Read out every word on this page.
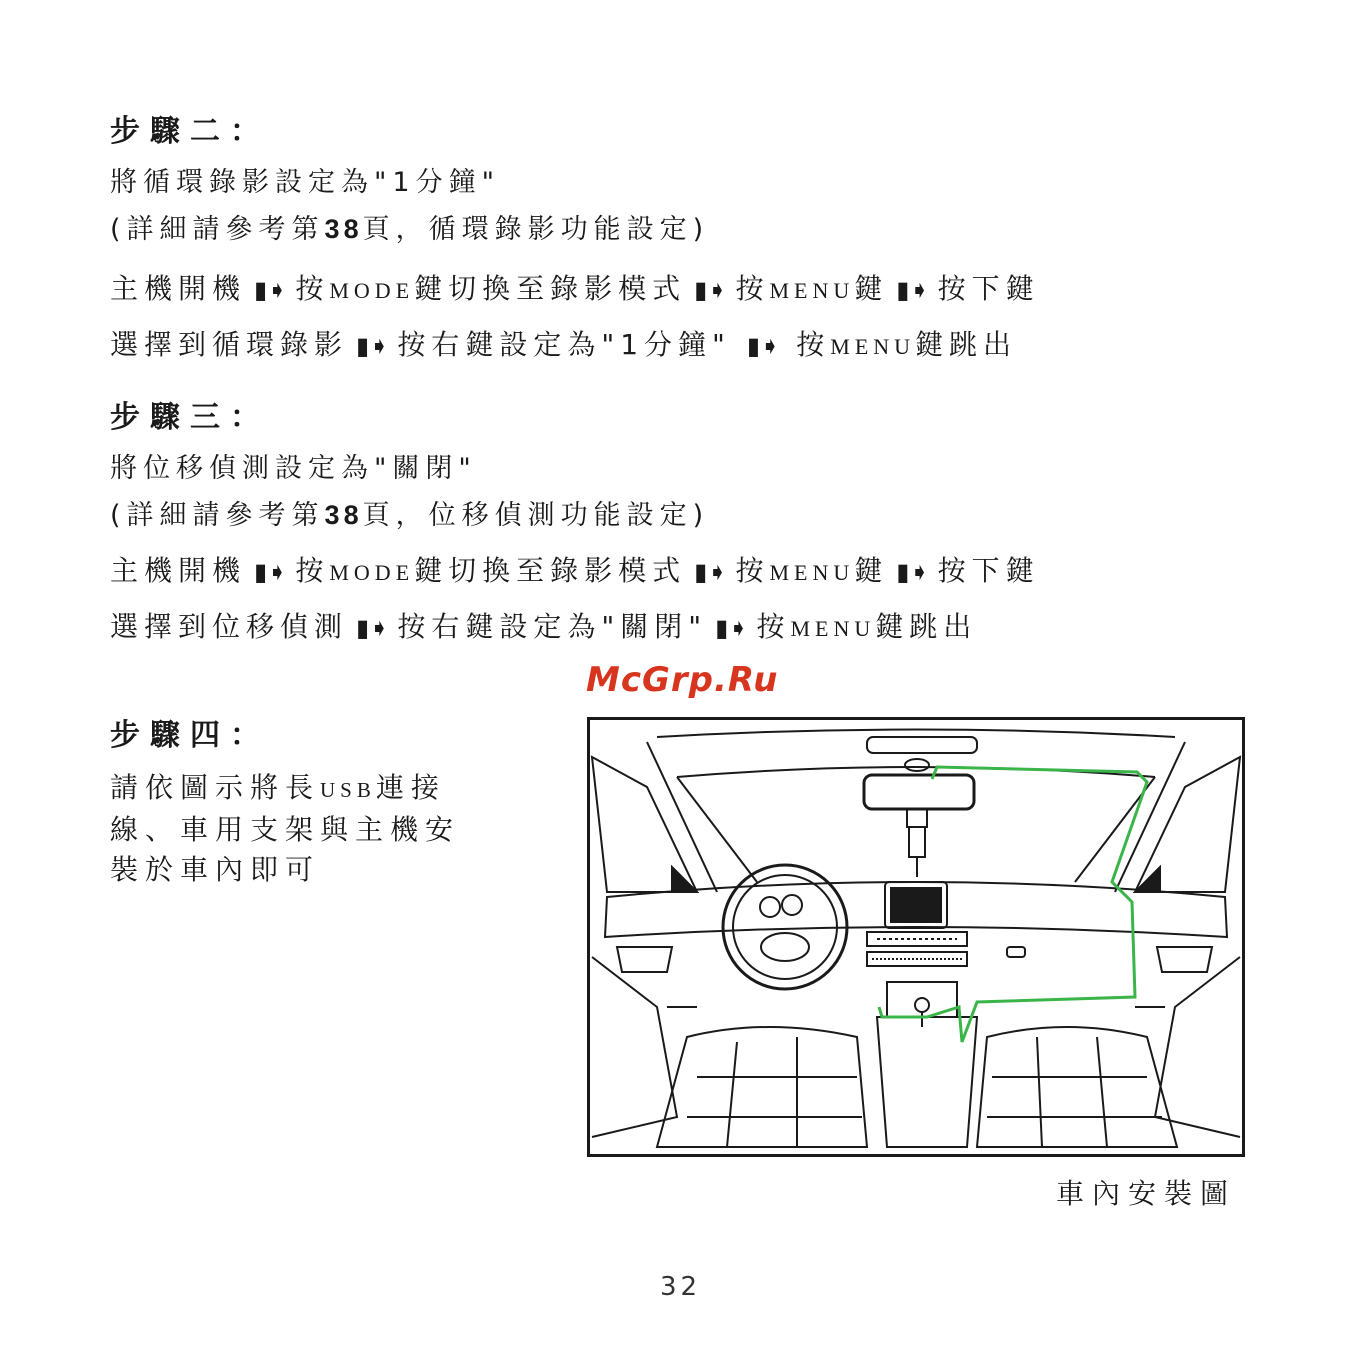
步驟二：
將循環錄影設定為"1分鐘"
(詳細請參考第38頁，循環錄影功能設定)
主機開機 ▮➧ 按MODE鍵切換至錄影模式 ▮➧ 按MENU鍵 ▮➧ 按下鍵
選擇到循環錄影 ▮➧ 按右鍵設定為"1分鐘" ▮➧ 按MENU鍵跳出
步驟三：
將位移偵測設定為"關閉"
(詳細請參考第38頁，位移偵測功能設定)
主機開機 ▮➧ 按MODE鍵切換至錄影模式 ▮➧ 按MENU鍵 ▮➧ 按下鍵
選擇到位移偵測 ▮➧ 按右鍵設定為"關閉" ▮➧ 按MENU鍵跳出
McGrp.Ru
步驟四：
請依圖示將長USB連接
線、車用支架與主機安
裝於車內即可
車內安裝圖
32
